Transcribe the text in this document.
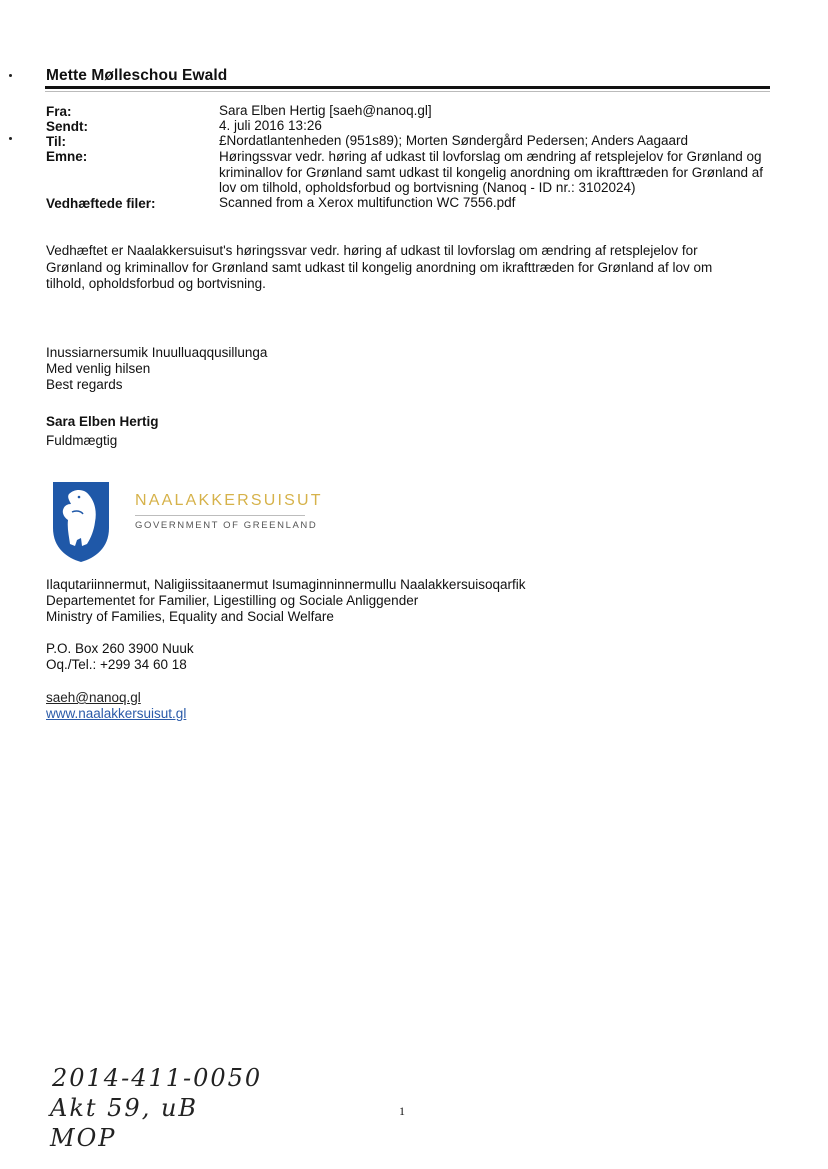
Mette Mølleschou Ewald
Fra:
Sendt:
Til:
Emne:
Vedhæftede filer:
Sara Elben Hertig [saeh@nanoq.gl]
4. juli 2016 13:26
£Nordatlantenheden (951s89); Morten Søndergård Pedersen; Anders Aagaard
Høringssvar vedr. høring af udkast til lovforslag om ændring af retsplejelov for Grønland og kriminallov for Grønland samt udkast til kongelig anordning om ikrafttræden for Grønland af lov om tilhold, opholdsforbud og bortvisning (Nanoq - ID nr.: 3102024)
Scanned from a Xerox multifunction WC 7556.pdf
Vedhæftet er Naalakkersuisut's høringssvar vedr. høring af udkast til lovforslag om ændring af retsplejelov for Grønland og kriminallov for Grønland samt udkast til kongelig anordning om ikrafttræden for Grønland af lov om tilhold, opholdsforbud og bortvisning.
Inussiarnersumik Inuulluaqqusillunga
Med venlig hilsen
Best regards
Sara Elben Hertig
Fuldmægtig
NAALAKKERSUISUT
GOVERNMENT OF GREENLAND
Ilaqutariinnermut, Naligiissitaanermut Isumaginninnermullu Naalakkersuisoqarfik
Departementet for Familier, Ligestilling og Sociale Anliggender
Ministry of Families, Equality and Social Welfare
P.O. Box 260 3900 Nuuk
Oq./Tel.: +299 34 60 18
saeh@nanoq.gl
www.naalakkersuisut.gl
2014-411-0050
Akt 59, uB
MOP
1
